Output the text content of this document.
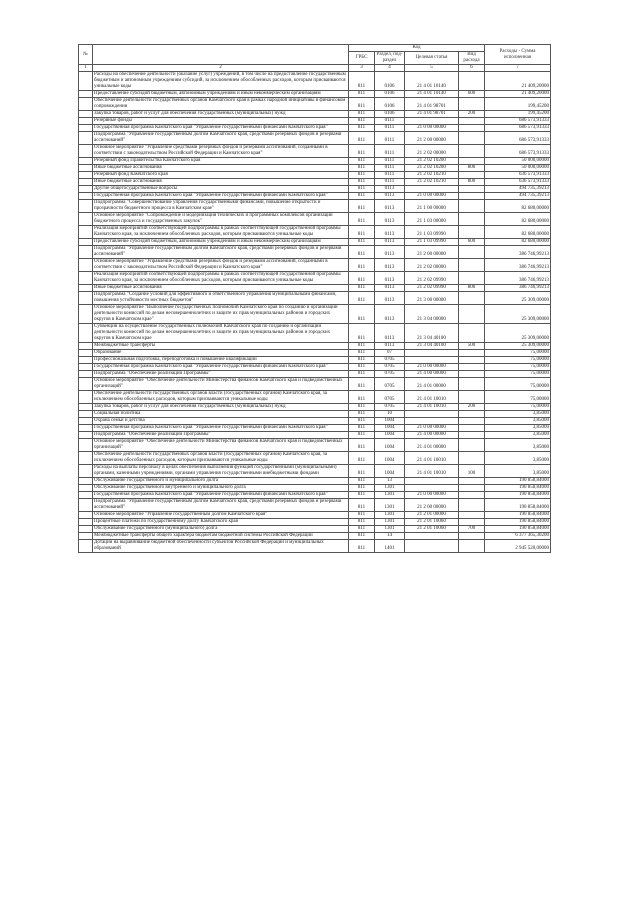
№		Код				Расходы - Сумма исполненная
		ГРБС	Раздел, под-раздел	Целевая статья	Вид расхода	
1	2	3	4	5	6	7
	Расходы на обеспечение деятельности (оказание услуг) учреждений, в том числе на предоставление государственным бюджетным и автономным учреждениям субсидий, за исключением обособленных расходов, которым присваиваются уникальные коды	811	0106	21 4 01 10140		21 409,20000
	Предоставление субсидий бюджетным, автономным учреждениям и иным некоммерческим организациям	811	0106	21 4 01 10140	600	21 409,20000
	Обеспечение деятельности государственных органов Камчатского края в рамках народной инициативы в финансовом сопровождении	811	0106	21 4 01 98701		199,45200
	Закупка товаров, работ и услуг для обеспечения государственных (муниципальных) нужд	811	0106	21 4 01 98701	200	199,45200
	Резервные фонды	811	0111			686 573,91333
	Государственная программа Камчатского края "Управление государственными финансами Камчатского края"	811	0111	21 0 00 00000		686 573,91333
	Подпрограмма "Управление государственным долгом Камчатского края, средствами резервных фондов и резервами ассигнований"	811	0111	21 2 00 00000		686 573,91333
	Основное мероприятие "Управление средствами резервных фондов и резервами ассигнований, созданными в соответствии с законодательством Российской Федерации и Камчатского края"	811	0111	21 2 02 00000		686 573,91333
	Резервный фонд Правительства Камчатского края	811	0111	21 2 02 10200		50 000,00000
	Иные бюджетные ассигнования	811	0111	21 2 02 10200	800	50 000,00000
	Резервный фонд Камчатского края	811	0111	21 2 02 10210		636 573,91333
	Иные бюджетные ассигнования	811	0111	21 2 02 10210	800	636 573,91333
	Другие общегосударственные вопросы	811	0113			494 735,39213
	Государственная программа Камчатского края "Управление государственными финансами Камчатского края"	811	0113	21 0 00 00000		494 735,39213
	Подпрограмма "Совершенствование управления государственными финансами, повышение открытости и прозрачности бюджетного процесса в Камчатском крае"	811	0113	21 1 00 00000		82 680,00000
	Основное мероприятие "Сопровождение и модернизация технических и программных комплексов организации бюджетного процесса и государственных закупок"	811	0113	21 1 03 00000		82 680,00000
	Реализация мероприятий соответствующей подпрограммы в рамках соответствующей государственной программы Камчатского края, за исключением обособленных расходов, которым присваиваются уникальные коды	811	0113	21 1 03 09990		82 680,00000
	Предоставление субсидий бюджетным, автономным учреждениям и иным некоммерческим организациям	811	0113	21 1 03 09990	600	82 680,00000
	Подпрограмма "Управление государственным долгом Камчатского края, средствами резервных фондов и резервами ассигнований"	811	0113	21 2 00 00000		386 746,99213
	Основное мероприятие "Управление средствами резервных фондов и резервами ассигнований, созданными в соответствии с законодательством Российской Федерации и Камчатского края"	811	0113	21 2 02 00000		386 746,99213
	Реализация мероприятий соответствующей подпрограммы в рамках соответствующей государственной программы Камчатского края, за исключением обособленных расходов, которым присваиваются уникальные коды	811	0113	21 2 02 09990		386 746,99213
	Иные бюджетные ассигнования	811	0113	21 2 02 09990	800	386 746,99213
	Подпрограмма "Создание условий для эффективного и ответственного управления муниципальными финансами, повышения устойчивости местных бюджетов"	811	0113	21 3 00 00000		25 309,00000
	Основное мероприятие "Выполнение государственных полномочий Камчатского края по созданию и организации деятельности комиссий по делам несовершеннолетних и защите их прав муниципальных районов и городских округов в Камчатском крае"	811	0113	21 3 04 00000		25 309,00000
	Субвенции на осуществление государственных полномочий Камчатского края по созданию и организации деятельности комиссий по делам несовершеннолетних и защите их прав муниципальных районов и городских округов в Камчатском крае	811	0113	21 3 04 40100		25 309,00000
	Межбюджетные трансферты	811	0113	21 3 04 40100	500	25 309,00000
	Образование	811	07			75,00000
	Профессиональная подготовка, переподготовка и повышение квалификации	811	0705			75,00000
	Государственная программа Камчатского края "Управление государственными финансами Камчатского края"	811	0705	21 0 00 00000		75,00000
	Подпрограмма "Обеспечение реализации Программы"	811	0705	21 4 00 00000		75,00000
	Основное мероприятие "Обеспечение деятельности Министерства финансов Камчатского края и подведомственных организаций"	811	0705	21 4 01 00000		75,00000
	Обеспечение деятельности государственных органов власти (государственных органов) Камчатского края, за исключением обособленных расходов, которым присваиваются уникальные коды	811	0705	21 4 01 10010		75,00000
	Закупка товаров, работ и услуг для обеспечения государственных (муниципальных) нужд	811	0705	21 4 01 10010	200	75,00000
	Социальная политика	811	10			3,85000
	Охрана семьи и детства	811	1004			3,85000
	Государственная программа Камчатского края "Управление государственными финансами Камчатского края"	811	1004	21 0 00 00000		3,85000
	Подпрограмма "Обеспечение реализации Программы"	811	1004	21 4 00 00000		3,85000
	Основное мероприятие "Обеспечение деятельности Министерства финансов Камчатского края и подведомственных организаций"	811	1004	21 4 01 00000		3,85000
	Обеспечение деятельности государственных органов власти (государственных органов) Камчатского края, за исключением обособленных расходов, которым присваиваются уникальные коды	811	1004	21 4 01 10010		3,85000
	Расходы на выплаты персоналу в целях обеспечения выполнения функций государственными (муниципальными) органами, казенными учреждениями, органами управления государственными внебюджетными фондами	811	1004	21 4 01 10010	100	3,85000
	Обслуживание государственного и муниципального долга	811	13			190 858,84000
	Обслуживание государственного внутреннего и муниципального долга	811	1301			190 858,84000
	Государственная программа Камчатского края "Управление государственными финансами Камчатского края"	811	1301	21 0 00 00000		190 858,84000
	Подпрограмма "Управление государственным долгом Камчатского края, средствами резервных фондов и резервами ассигнований"	811	1301	21 2 00 00000		190 858,84000
	Основное мероприятие "Управление государственным долгом Камчатского края"	811	1301	21 2 01 00000		190 858,84000
	Процентные платежи по государственному долгу Камчатского края	811	1301	21 2 01 10060		190 858,84000
	Обслуживание государственного (муниципального) долга	811	1301	21 2 01 10060	700	190 858,84000
	Межбюджетные трансферты общего характера бюджетам бюджетной системы Российской Федерации	811	14			6 377 365,30200
	Дотации на выравнивание бюджетной обеспеченности субъектов Российской Федерации и муниципальных образований	811	1401			2 945 520,00000
